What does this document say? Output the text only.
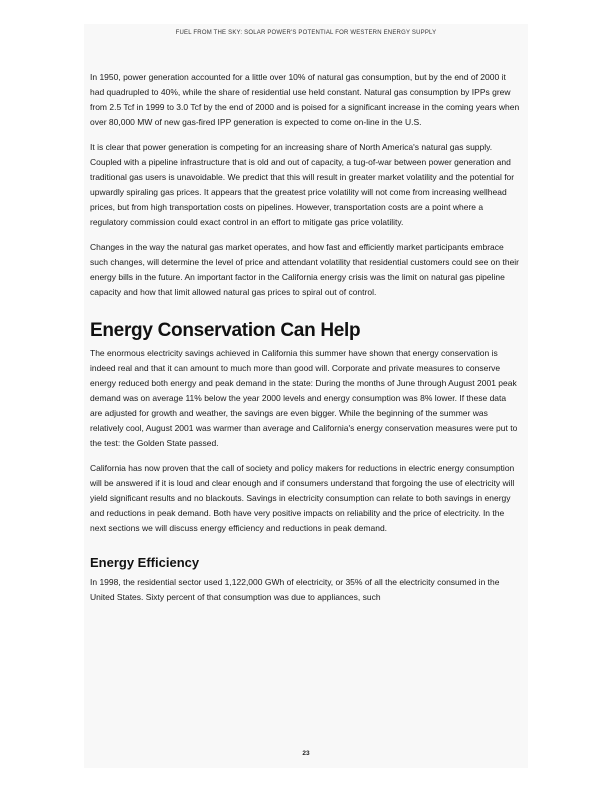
FUEL FROM THE SKY: SOLAR POWER'S POTENTIAL FOR WESTERN ENERGY SUPPLY

In 1950, power generation accounted for a little over 10% of natural gas consumption, but by the end of 2000 it had quadrupled to 40%, while the share of residential use held constant. Natural gas consumption by IPPs grew from 2.5 Tcf in 1999 to 3.0 Tcf by the end of 2000 and is poised for a significant increase in the coming years when over 80,000 MW of new gas-fired IPP generation is expected to come on-line in the U.S.

It is clear that power generation is competing for an increasing share of North America's natural gas supply. Coupled with a pipeline infrastructure that is old and out of capacity, a tug-of-war between power generation and traditional gas users is unavoidable. We predict that this will result in greater market volatility and the potential for upwardly spiraling gas prices. It appears that the greatest price volatility will not come from increasing wellhead prices, but from high transportation costs on pipelines. However, transportation costs are a point where a regulatory commission could exact control in an effort to mitigate gas price volatility.

Changes in the way the natural gas market operates, and how fast and efficiently market participants embrace such changes, will determine the level of price and attendant volatility that residential customers could see on their energy bills in the future. An important factor in the California energy crisis was the limit on natural gas pipeline capacity and how that limit allowed natural gas prices to spiral out of control.

Energy Conservation Can Help

The enormous electricity savings achieved in California this summer have shown that energy conservation is indeed real and that it can amount to much more than good will. Corporate and private measures to conserve energy reduced both energy and peak demand in the state: During the months of June through August 2001 peak demand was on average 11% below the year 2000 levels and energy consumption was 8% lower. If these data are adjusted for growth and weather, the savings are even bigger. While the beginning of the summer was relatively cool, August 2001 was warmer than average and California's energy conservation measures were put to the test: the Golden State passed.

California has now proven that the call of society and policy makers for reductions in electric energy consumption will be answered if it is loud and clear enough and if consumers understand that forgoing the use of electricity will yield significant results and no blackouts. Savings in electricity consumption can relate to both savings in energy and reductions in peak demand. Both have very positive impacts on reliability and the price of electricity. In the next sections we will discuss energy efficiency and reductions in peak demand.

Energy Efficiency

In 1998, the residential sector used 1,122,000 GWh of electricity, or 35% of all the electricity consumed in the United States. Sixty percent of that consumption was due to appliances, such

23
